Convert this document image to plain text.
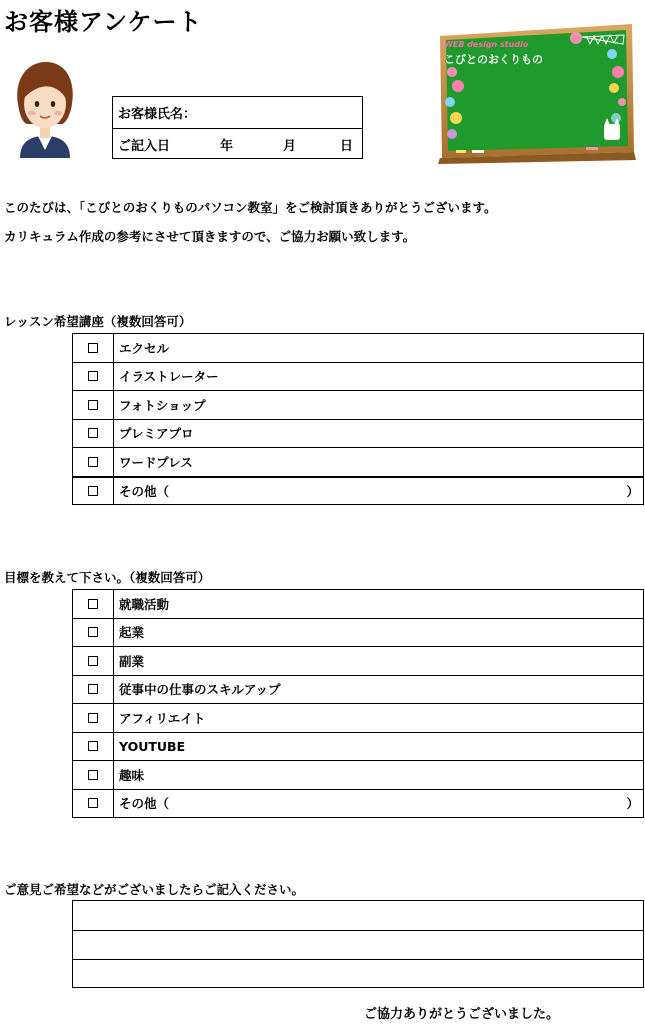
お客様アンケート
お客様氏名：
ご記入日	年	月	日
WEB design studio
こびとのおくりもの
このたびは、「こびとのおくりものパソコン教室」をご検討頂きありがとうございます。
カリキュラム作成の参考にさせて頂きますので、ご協力お願い致します。
レッスン希望講座（複数回答可）
エクセル
イラストレーター
フォトショップ
プレミアプロ
ワードプレス
その他（	）
目標を教えて下さい。（複数回答可）
就職活動
起業
副業
従事中の仕事のスキルアップ
アフィリエイト
YOUTUBE
趣味
その他（	）
ご意見ご希望などがございましたらご記入ください。
ご協力ありがとうございました。
